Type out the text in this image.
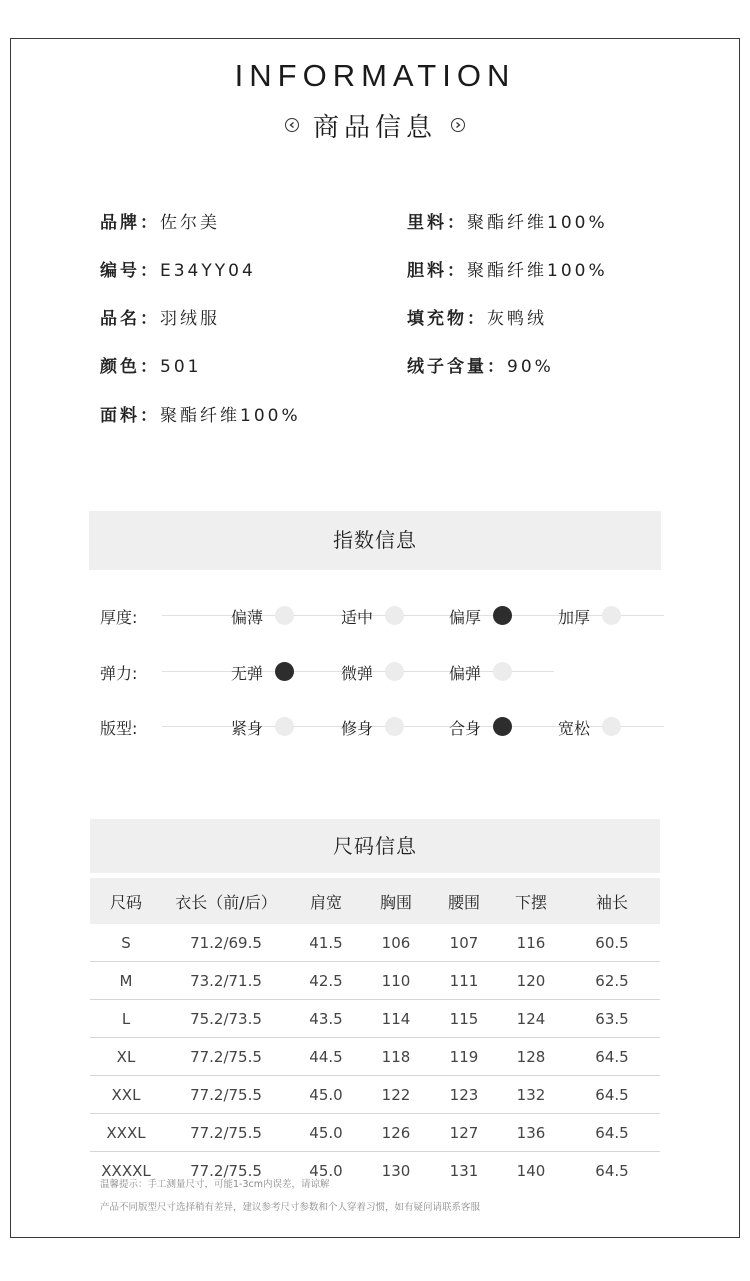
INFORMATION
商品信息
品牌：佐尔美
编号：E34YY04
品名：羽绒服
颜色：501
面料：聚酯纤维100%
里料：聚酯纤维100%
胆料：聚酯纤维100%
填充物：灰鸭绒
绒子含量：90%
指数信息
厚度:	偏薄	适中	偏厚	加厚
弹力:	无弹	微弹	偏弹
版型:	紧身	修身	合身	宽松
尺码信息
尺码	衣长（前/后）	肩宽	胸围	腰围	下摆	袖长
S	71.2/69.5	41.5	106	107	116	60.5
M	73.2/71.5	42.5	110	111	120	62.5
L	75.2/73.5	43.5	114	115	124	63.5
XL	77.2/75.5	44.5	118	119	128	64.5
XXL	77.2/75.5	45.0	122	123	132	64.5
XXXL	77.2/75.5	45.0	126	127	136	64.5
XXXXL	77.2/75.5	45.0	130	131	140	64.5
温馨提示：手工测量尺寸，可能1-3cm内误差，请谅解
产品不同版型尺寸选择稍有差异，建议参考尺寸参数和个人穿着习惯，如有疑问请联系客服
